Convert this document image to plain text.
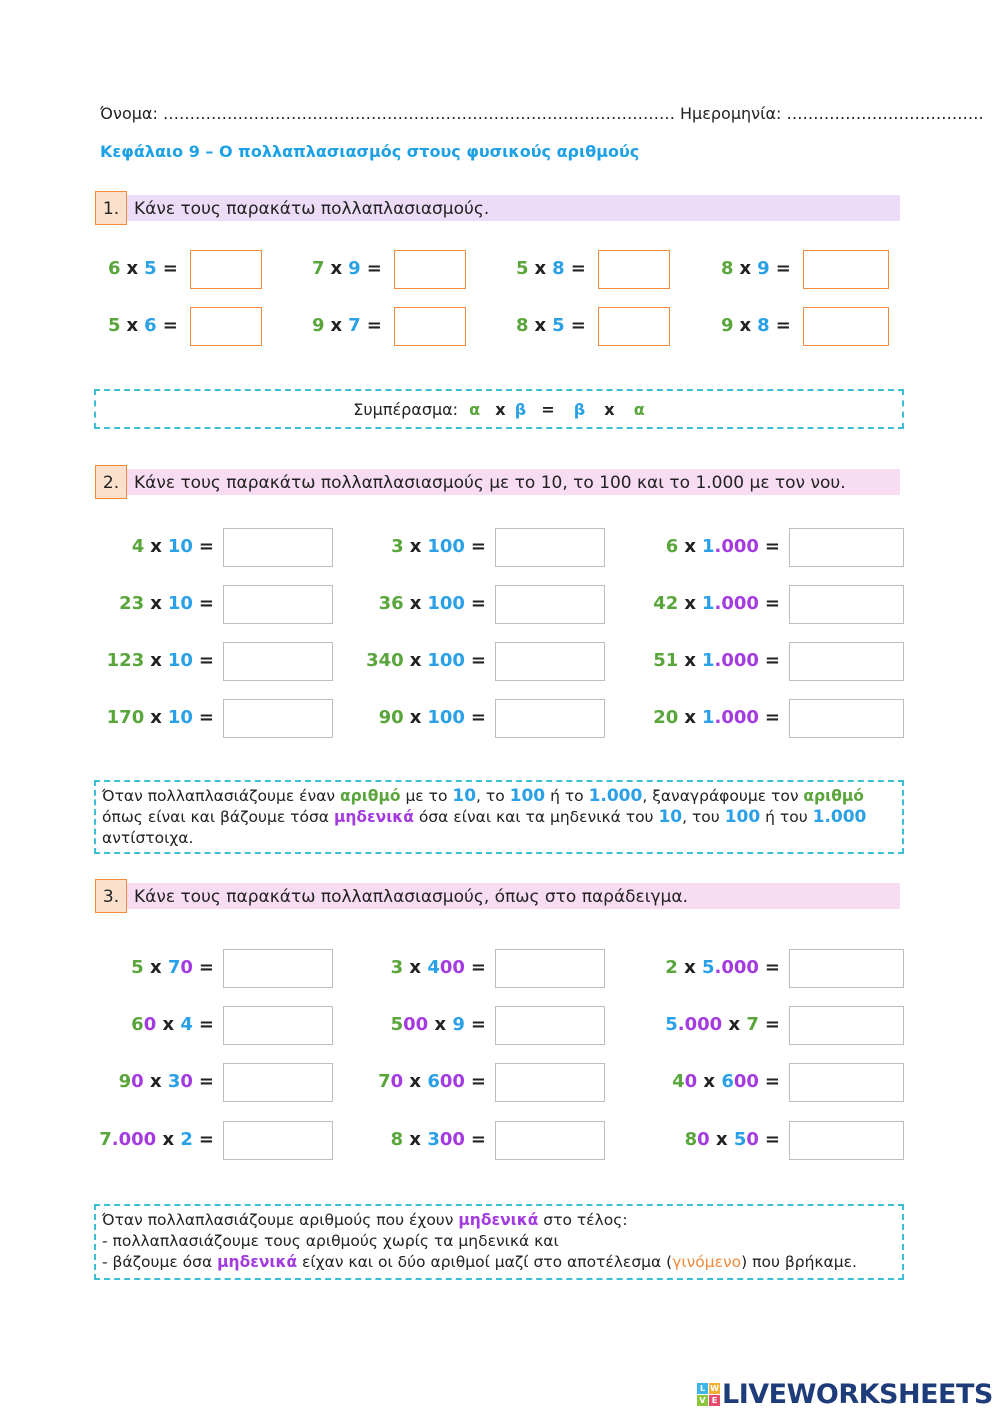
Όνομα: …………………………………………………………………………………… Ημερομηνία: ……………………………….
Κεφάλαιο 9 – Ο πολλαπλασιασμός στους φυσικούς αριθμούς
1. Κάνε τους παρακάτω πολλαπλασιασμούς.
6 x 5 =	7 x 9 =	5 x 8 =	8 x 9 =
5 x 6 =	9 x 7 =	8 x 5 =	9 x 8 =
Συμπέρασμα: α x β = β x α
2. Κάνε τους παρακάτω πολλαπλασιασμούς με το 10, το 100 και το 1.000 με τον νου.
4 x 10 =	3 x 100 =	6 x 1.000 =
23 x 10 =	36 x 100 =	42 x 1.000 =
123 x 10 =	340 x 100 =	51 x 1.000 =
170 x 10 =	90 x 100 =	20 x 1.000 =
Όταν πολλαπλασιάζουμε έναν αριθμό με το 10, το 100 ή το 1.000, ξαναγράφουμε τον αριθμό
όπως είναι και βάζουμε τόσα μηδενικά όσα είναι και τα μηδενικά του 10, του 100 ή του 1.000
αντίστοιχα.
3. Κάνε τους παρακάτω πολλαπλασιασμούς, όπως στο παράδειγμα.
5 x 7 0 =	3 x 4 00 =	2 x 5 .000 =
6 0 x 4 =	5 00 x 9 =	5 .000 x 7 =
9 0 x 3 0 =	7 0 x 6 00 =	4 0 x 6 00 =
7 .000 x 2 =	8 x 3 00 =	8 0 x 5 0 =
Όταν πολλαπλασιάζουμε αριθμούς που έχουν μηδενικά στο τέλος:
- πολλαπλασιάζουμε τους αριθμούς χωρίς τα μηδενικά και
- βάζουμε όσα μηδενικά είχαν και οι δύο αριθμοί μαζί στο αποτέλεσμα (γινόμενο) που βρήκαμε.
L W
V E LIVEWORKSHEETS
